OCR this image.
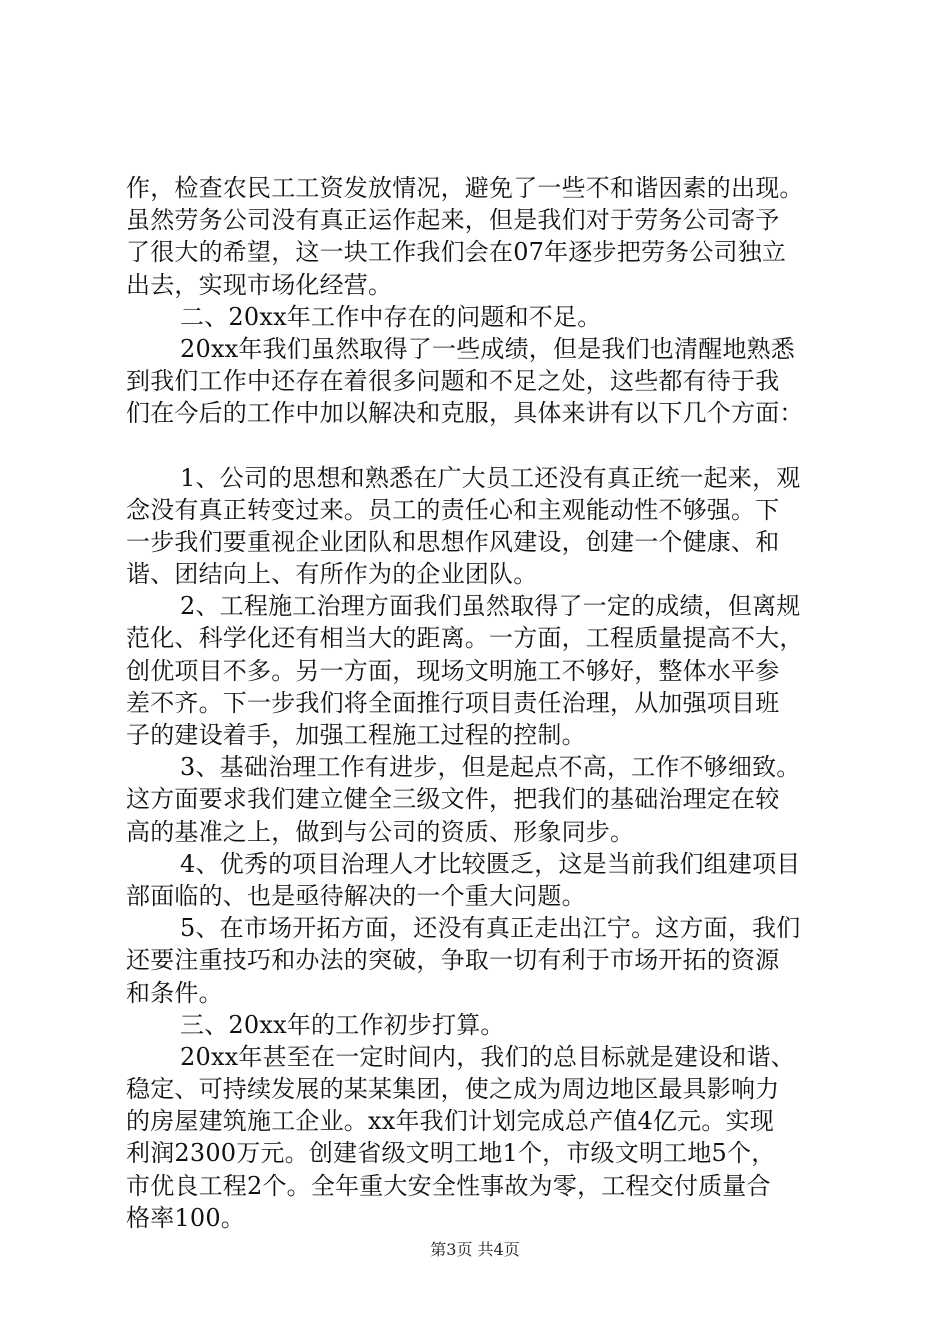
作，检查农民工工资发放情况，避免了一些不和谐因素的出现。
虽然劳务公司没有真正运作起来，但是我们对于劳务公司寄予
了很大的希望，这一块工作我们会在07年逐步把劳务公司独立
出去，实现市场化经营。
二、20xx年工作中存在的问题和不足。
20xx年我们虽然取得了一些成绩，但是我们也清醒地熟悉
到我们工作中还存在着很多问题和不足之处，这些都有待于我
们在今后的工作中加以解决和克服，具体来讲有以下几个方面：
1、公司的思想和熟悉在广大员工还没有真正统一起来，观
念没有真正转变过来。员工的责任心和主观能动性不够强。下
一步我们要重视企业团队和思想作风建设，创建一个健康、和
谐、团结向上、有所作为的企业团队。
2、工程施工治理方面我们虽然取得了一定的成绩，但离规
范化、科学化还有相当大的距离。一方面，工程质量提高不大，
创优项目不多。另一方面，现场文明施工不够好，整体水平参
差不齐。下一步我们将全面推行项目责任治理，从加强项目班
子的建设着手，加强工程施工过程的控制。
3、基础治理工作有进步，但是起点不高，工作不够细致。
这方面要求我们建立健全三级文件，把我们的基础治理定在较
高的基准之上，做到与公司的资质、形象同步。
4、优秀的项目治理人才比较匮乏，这是当前我们组建项目
部面临的、也是亟待解决的一个重大问题。
5、在市场开拓方面，还没有真正走出江宁。这方面，我们
还要注重技巧和办法的突破，争取一切有利于市场开拓的资源
和条件。
三、20xx年的工作初步打算。
20xx年甚至在一定时间内，我们的总目标就是建设和谐、
稳定、可持续发展的某某集团，使之成为周边地区最具影响力
的房屋建筑施工企业。xx年我们计划完成总产值4亿元。实现
利润2300万元。创建省级文明工地1个，市级文明工地5个，
市优良工程2个。全年重大安全性事故为零，工程交付质量合
格率100。
第3页 共4页
